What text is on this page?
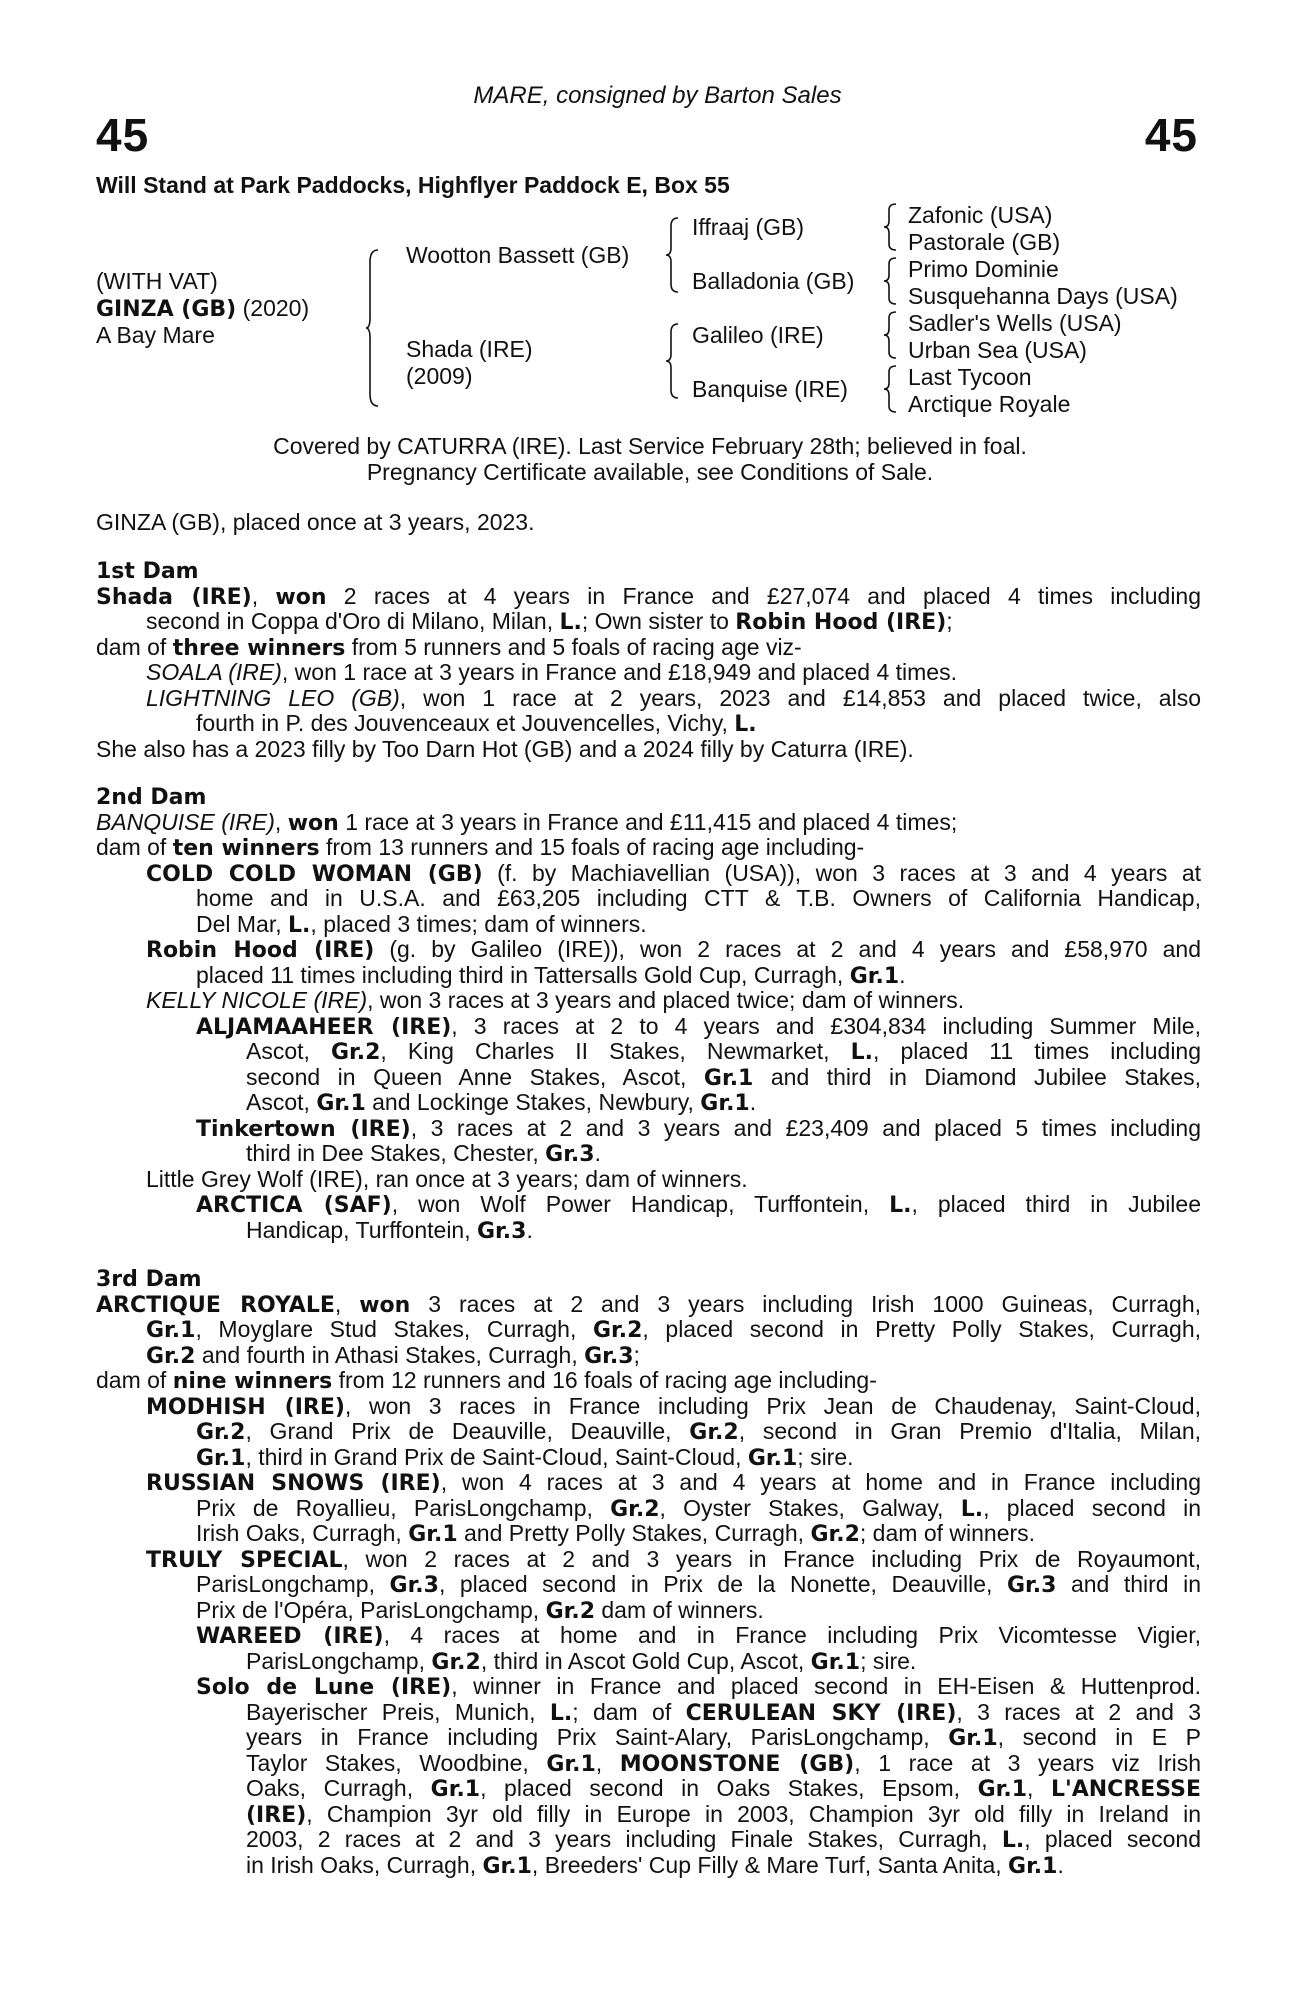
45	45
MARE, consigned by Barton Sales
Will Stand at Park Paddocks, Highflyer Paddock E, Box 55
(WITH VAT)
GINZA (GB) (2020)
A Bay Mare
Wootton Bassett (GB)
Shada (IRE)
(2009)
Iffraaj (GB)
Balladonia (GB)
Galileo (IRE)
Banquise (IRE)
Zafonic (USA)
Pastorale (GB)
Primo Dominie
Susquehanna Days (USA)
Sadler's Wells (USA)
Urban Sea (USA)
Last Tycoon
Arctique Royale
Covered by CATURRA (IRE). Last Service February 28th; believed in foal.
Pregnancy Certificate available, see Conditions of Sale.
GINZA (GB), placed once at 3 years, 2023.
1st Dam
Shada (IRE), won 2 races at 4 years in France and £27,074 and placed 4 times including
second in Coppa d'Oro di Milano, Milan, L.; Own sister to Robin Hood (IRE);
dam of three winners from 5 runners and 5 foals of racing age viz-
SOALA (IRE), won 1 race at 3 years in France and £18,949 and placed 4 times.
LIGHTNING LEO (GB), won 1 race at 2 years, 2023 and £14,853 and placed twice, also
fourth in P. des Jouvenceaux et Jouvencelles, Vichy, L.
She also has a 2023 filly by Too Darn Hot (GB) and a 2024 filly by Caturra (IRE).
2nd Dam
BANQUISE (IRE), won 1 race at 3 years in France and £11,415 and placed 4 times;
dam of ten winners from 13 runners and 15 foals of racing age including-
COLD COLD WOMAN (GB) (f. by Machiavellian (USA)), won 3 races at 3 and 4 years at
home and in U.S.A. and £63,205 including CTT & T.B. Owners of California Handicap,
Del Mar, L., placed 3 times; dam of winners.
Robin Hood (IRE) (g. by Galileo (IRE)), won 2 races at 2 and 4 years and £58,970 and
placed 11 times including third in Tattersalls Gold Cup, Curragh, Gr.1.
KELLY NICOLE (IRE), won 3 races at 3 years and placed twice; dam of winners.
ALJAMAAHEER (IRE), 3 races at 2 to 4 years and £304,834 including Summer Mile,
Ascot, Gr.2, King Charles II Stakes, Newmarket, L., placed 11 times including
second in Queen Anne Stakes, Ascot, Gr.1 and third in Diamond Jubilee Stakes,
Ascot, Gr.1 and Lockinge Stakes, Newbury, Gr.1.
Tinkertown (IRE), 3 races at 2 and 3 years and £23,409 and placed 5 times including
third in Dee Stakes, Chester, Gr.3.
Little Grey Wolf (IRE), ran once at 3 years; dam of winners.
ARCTICA (SAF), won Wolf Power Handicap, Turffontein, L., placed third in Jubilee
Handicap, Turffontein, Gr.3.
3rd Dam
ARCTIQUE ROYALE, won 3 races at 2 and 3 years including Irish 1000 Guineas, Curragh,
Gr.1, Moyglare Stud Stakes, Curragh, Gr.2, placed second in Pretty Polly Stakes, Curragh,
Gr.2 and fourth in Athasi Stakes, Curragh, Gr.3;
dam of nine winners from 12 runners and 16 foals of racing age including-
MODHISH (IRE), won 3 races in France including Prix Jean de Chaudenay, Saint-Cloud,
Gr.2, Grand Prix de Deauville, Deauville, Gr.2, second in Gran Premio d'Italia, Milan,
Gr.1, third in Grand Prix de Saint-Cloud, Saint-Cloud, Gr.1; sire.
RUSSIAN SNOWS (IRE), won 4 races at 3 and 4 years at home and in France including
Prix de Royallieu, ParisLongchamp, Gr.2, Oyster Stakes, Galway, L., placed second in
Irish Oaks, Curragh, Gr.1 and Pretty Polly Stakes, Curragh, Gr.2; dam of winners.
TRULY SPECIAL, won 2 races at 2 and 3 years in France including Prix de Royaumont,
ParisLongchamp, Gr.3, placed second in Prix de la Nonette, Deauville, Gr.3 and third in
Prix de l'Opéra, ParisLongchamp, Gr.2 dam of winners.
WAREED (IRE), 4 races at home and in France including Prix Vicomtesse Vigier,
ParisLongchamp, Gr.2, third in Ascot Gold Cup, Ascot, Gr.1; sire.
Solo de Lune (IRE), winner in France and placed second in EH-Eisen & Huttenprod.
Bayerischer Preis, Munich, L.; dam of CERULEAN SKY (IRE), 3 races at 2 and 3
years in France including Prix Saint-Alary, ParisLongchamp, Gr.1, second in E P
Taylor Stakes, Woodbine, Gr.1, MOONSTONE (GB), 1 race at 3 years viz Irish
Oaks, Curragh, Gr.1, placed second in Oaks Stakes, Epsom, Gr.1, L'ANCRESSE
(IRE), Champion 3yr old filly in Europe in 2003, Champion 3yr old filly in Ireland in
2003, 2 races at 2 and 3 years including Finale Stakes, Curragh, L., placed second
in Irish Oaks, Curragh, Gr.1, Breeders' Cup Filly & Mare Turf, Santa Anita, Gr.1.
